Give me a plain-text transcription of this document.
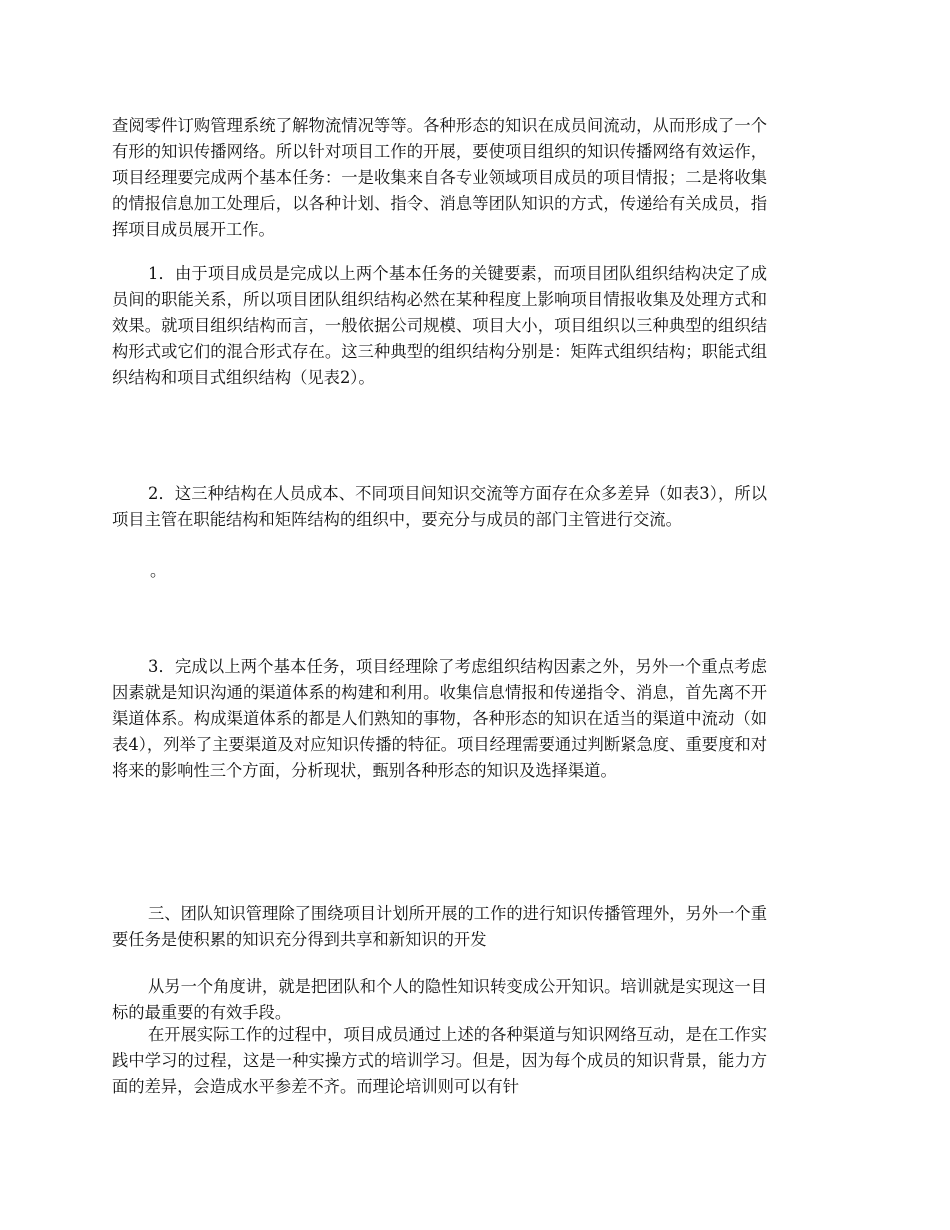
查阅零件订购管理系统了解物流情况等等。各种形态的知识在成员间流动，从而形成了一个有形的知识传播网络。所以针对项目工作的开展，要使项目组织的知识传播网络有效运作，项目经理要完成两个基本任务：一是收集来自各专业领域项目成员的项目情报；二是将收集的情报信息加工处理后，以各种计划、指令、消息等团队知识的方式，传递给有关成员，指挥项目成员展开工作。

1．由于项目成员是完成以上两个基本任务的关键要素，而项目团队组织结构决定了成员间的职能关系，所以项目团队组织结构必然在某种程度上影响项目情报收集及处理方式和效果。就项目组织结构而言，一般依据公司规模、项目大小，项目组织以三种典型的组织结构形式或它们的混合形式存在。这三种典型的组织结构分别是：矩阵式组织结构；职能式组织结构和项目式组织结构（见表2）。

2．这三种结构在人员成本、不同项目间知识交流等方面存在众多差异（如表3），所以项目主管在职能结构和矩阵结构的组织中，要充分与成员的部门主管进行交流。

。

3．完成以上两个基本任务，项目经理除了考虑组织结构因素之外，另外一个重点考虑因素就是知识沟通的渠道体系的构建和利用。收集信息情报和传递指令、消息，首先离不开渠道体系。构成渠道体系的都是人们熟知的事物，各种形态的知识在适当的渠道中流动（如表4），列举了主要渠道及对应知识传播的特征。项目经理需要通过判断紧急度、重要度和对将来的影响性三个方面，分析现状，甄别各种形态的知识及选择渠道。

三、团队知识管理除了围绕项目计划所开展的工作的进行知识传播管理外，另外一个重要任务是使积累的知识充分得到共享和新知识的开发

从另一个角度讲，就是把团队和个人的隐性知识转变成公开知识。培训就是实现这一目标的最重要的有效手段。

在开展实际工作的过程中，项目成员通过上述的各种渠道与知识网络互动，是在工作实践中学习的过程，这是一种实操方式的培训学习。但是，因为每个成员的知识背景，能力方面的差异，会造成水平参差不齐。而理论培训则可以有针
